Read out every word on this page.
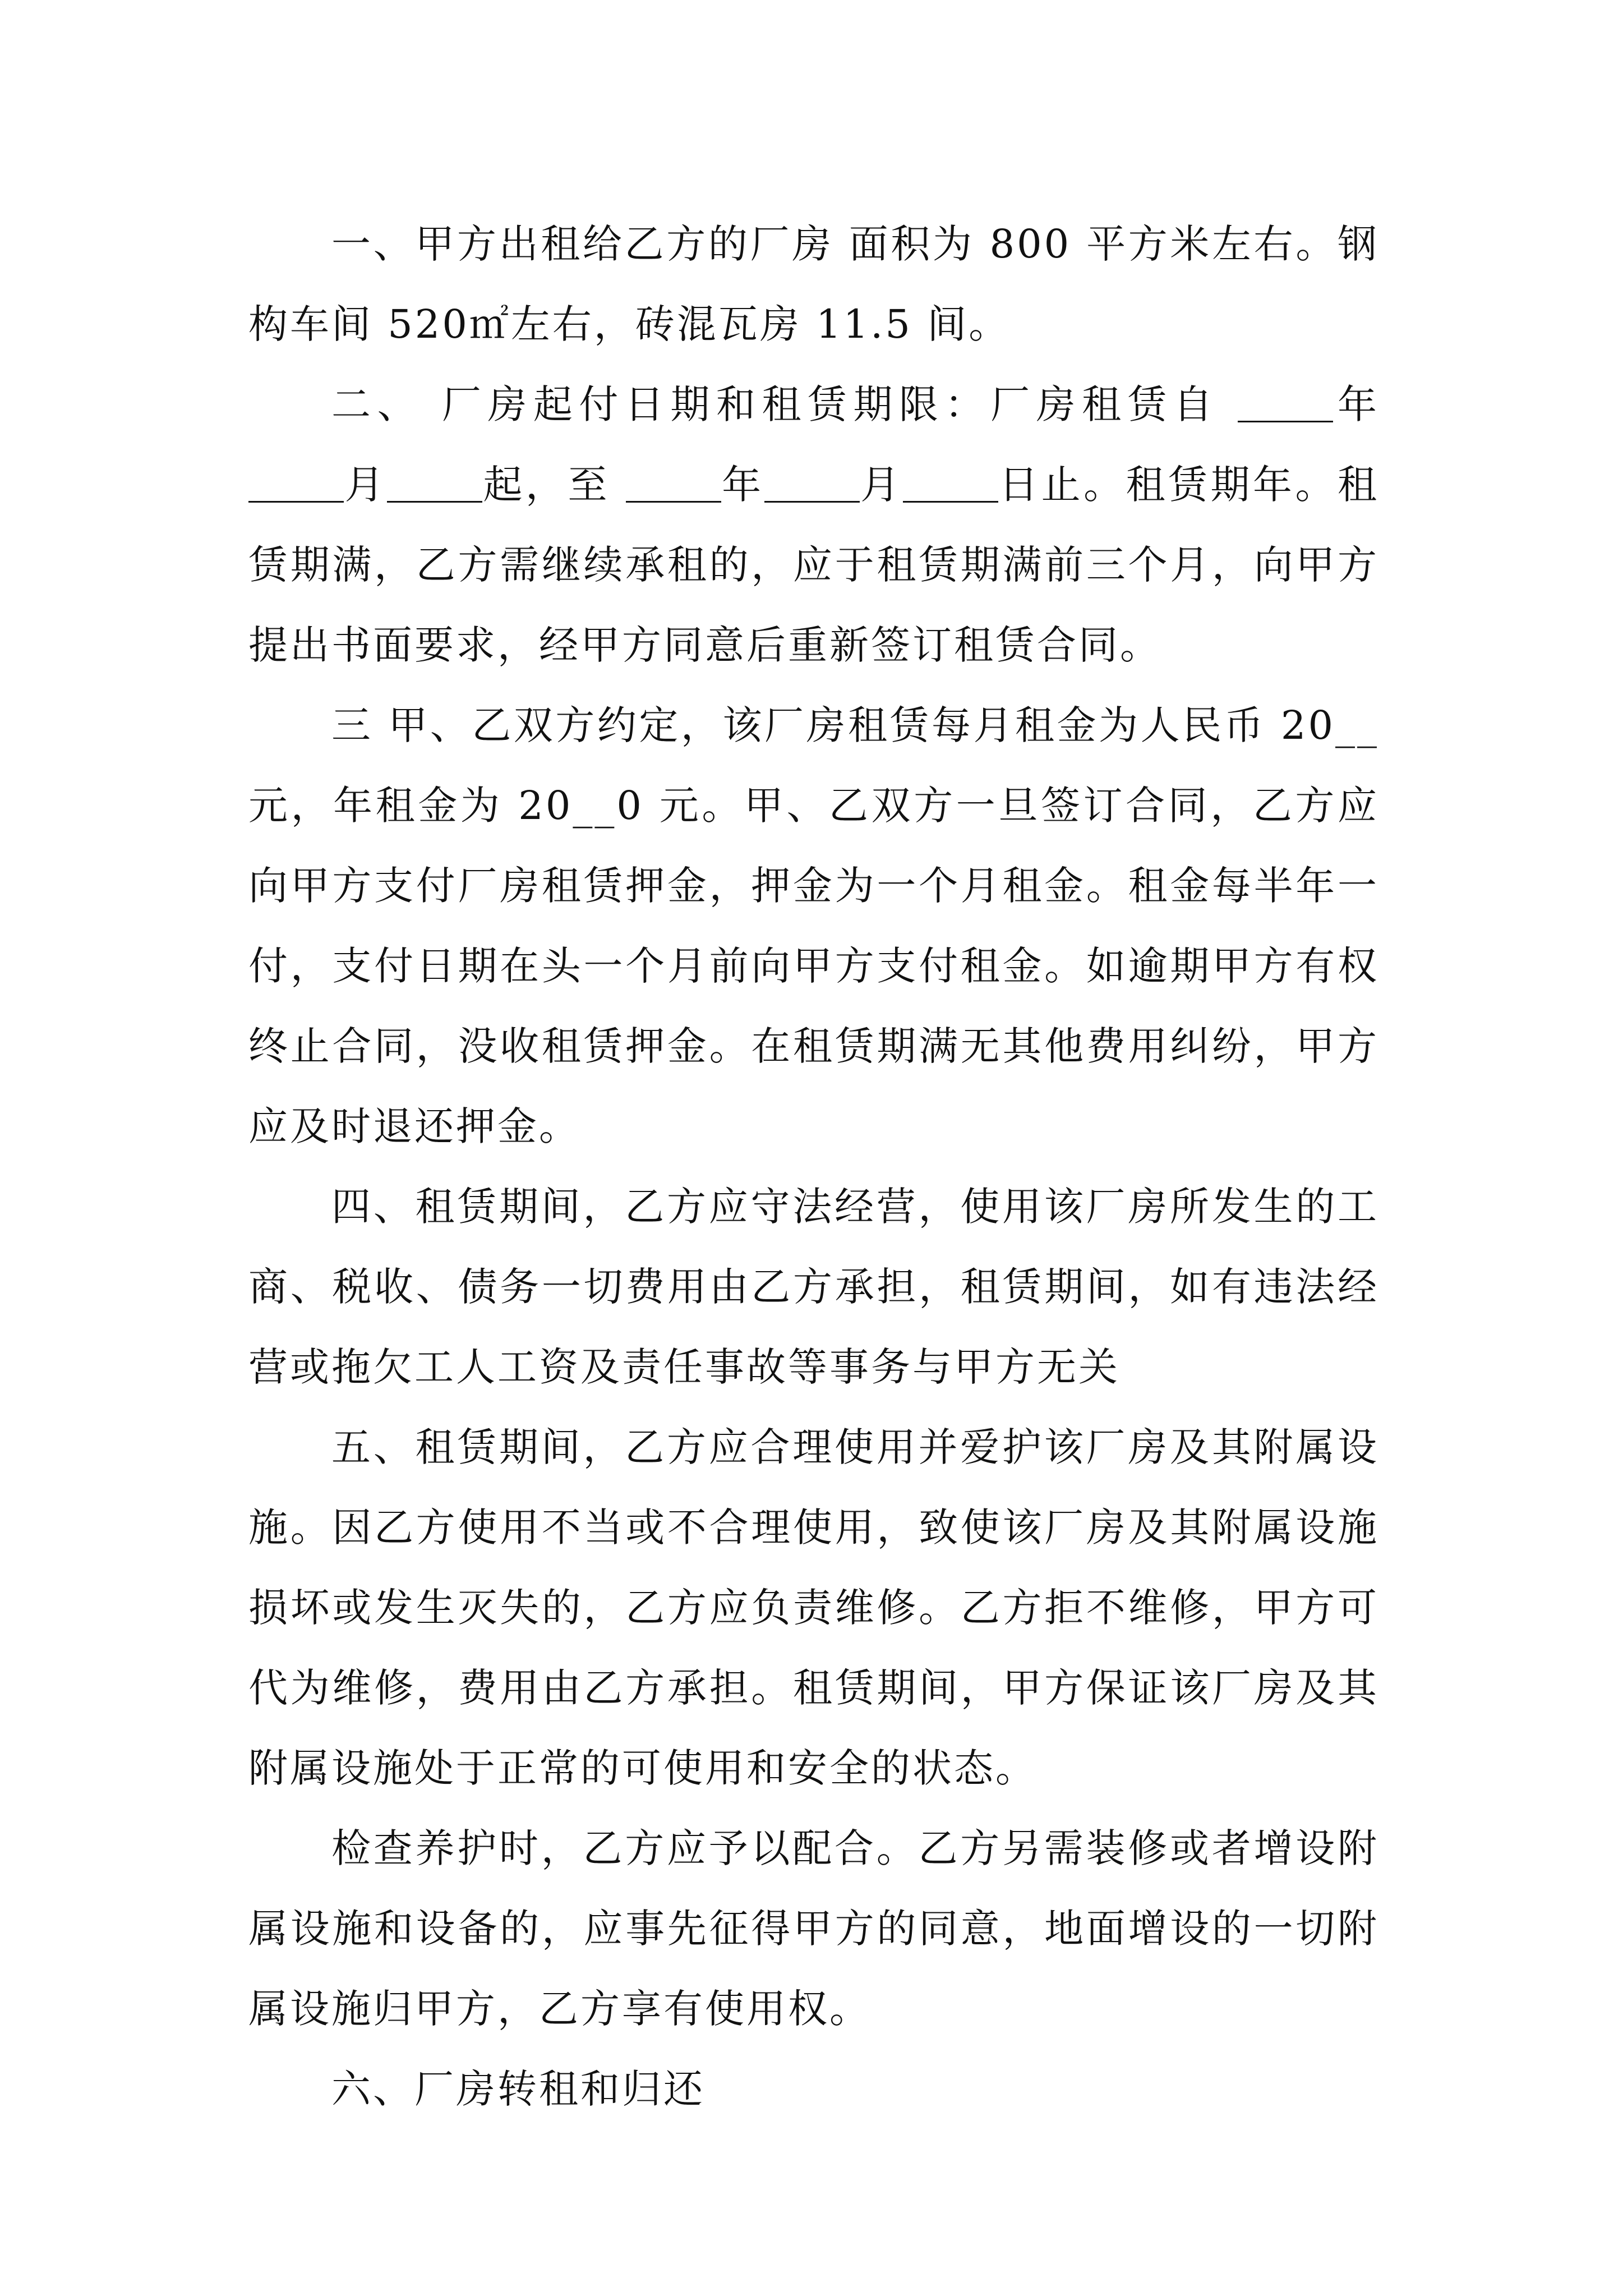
一、甲方出租给乙方的厂房 面积为 800 平方米左右。钢构车间 520㎡左右，砖混瓦房 11.5 间。

二、 厂房起付日期和租赁期限：厂房租赁自 年月 起，至 年 月 日止。租赁期年。租赁期满，乙方需继续承租的，应于租赁期满前三个月，向甲方提出书面要求，经甲方同意后重新签订租赁合同。

三 甲、乙双方约定，该厂房租赁每月租金为人民币 20__元，年租金为 20__0 元。甲、乙双方一旦签订合同，乙方应向甲方支付厂房租赁押金，押金为一个月租金。租金每半年一付，支付日期在头一个月前向甲方支付租金。如逾期甲方有权终止合同，没收租赁押金。在租赁期满无其他费用纠纷，甲方应及时退还押金。

四、租赁期间，乙方应守法经营，使用该厂房所发生的工商、税收、债务一切费用由乙方承担，租赁期间，如有违法经营或拖欠工人工资及责任事故等事务与甲方无关

五、租赁期间，乙方应合理使用并爱护该厂房及其附属设施。因乙方使用不当或不合理使用，致使该厂房及其附属设施损坏或发生灭失的，乙方应负责维修。乙方拒不维修，甲方可代为维修，费用由乙方承担。租赁期间，甲方保证该厂房及其附属设施处于正常的可使用和安全的状态。

检查养护时，乙方应予以配合。乙方另需装修或者增设附属设施和设备的，应事先征得甲方的同意，地面增设的一切附属设施归甲方，乙方享有使用权。

六、厂房转租和归还
